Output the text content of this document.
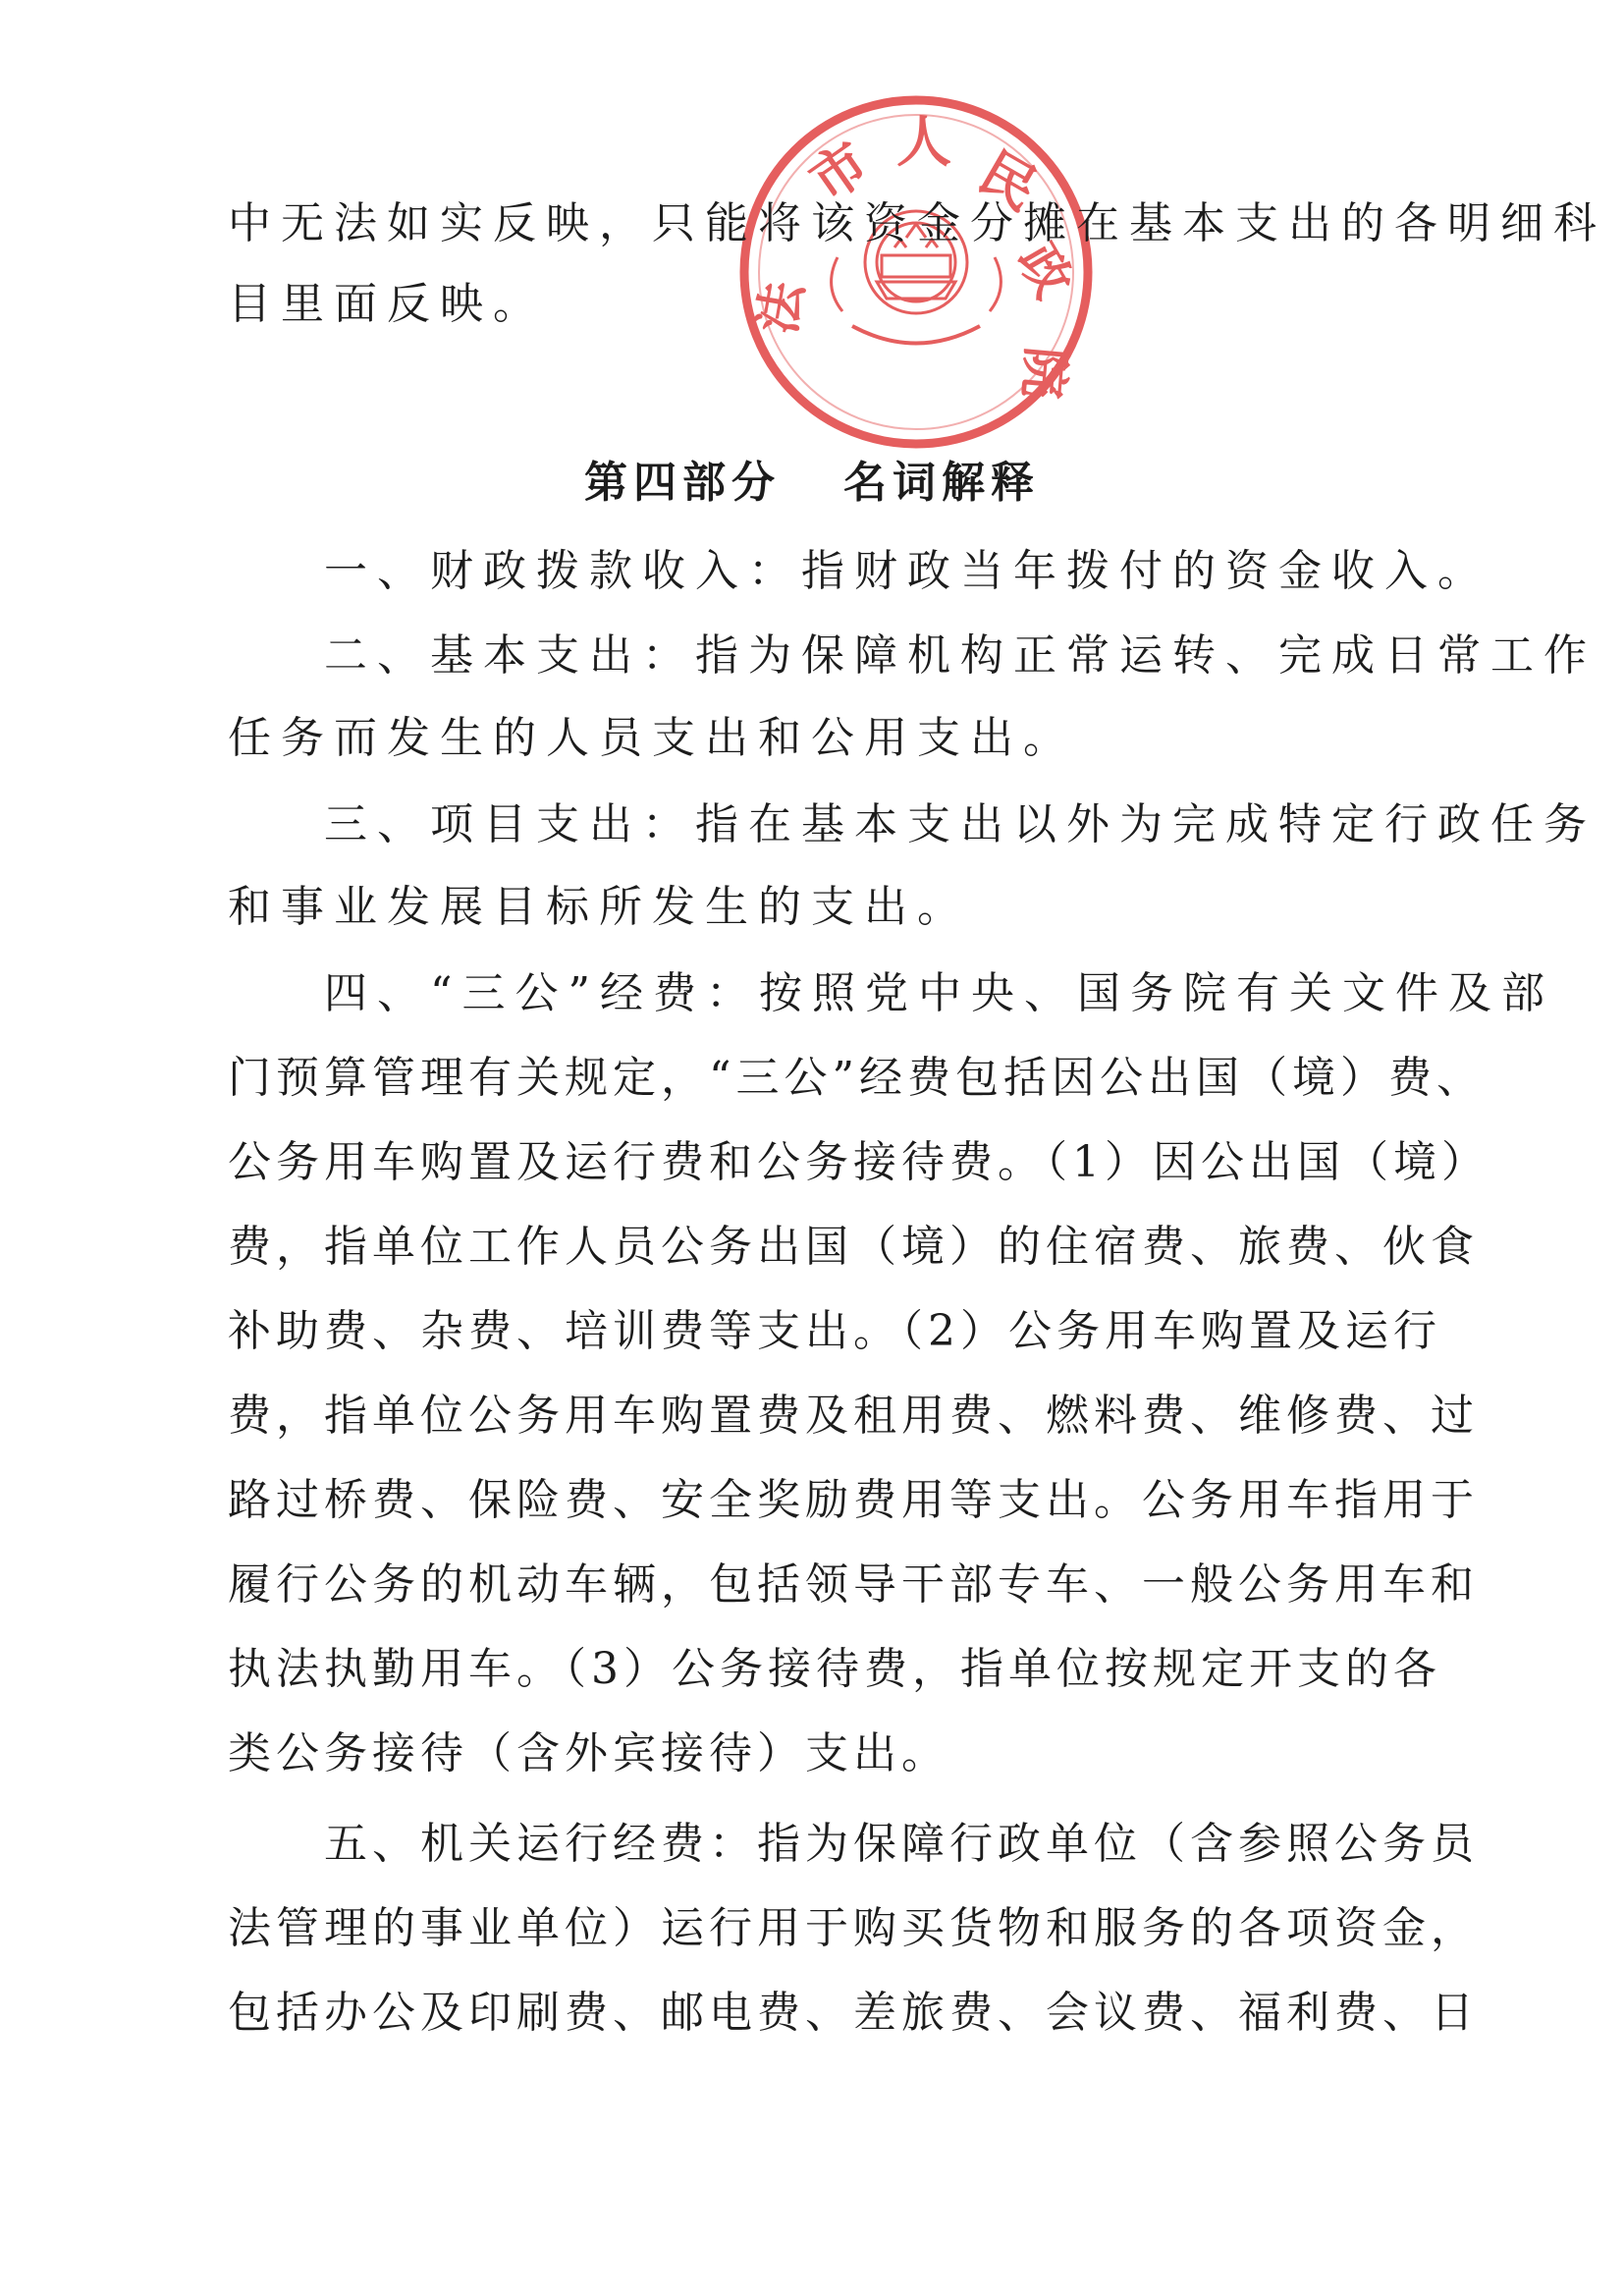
市 人 民
政
院
法
中无法如实反映，只能将该资金分摊在基本支出的各明细科
目里面反映。
第四部分 名词解释
一、财政拨款收入：指财政当年拨付的资金收入。
二、基本支出：指为保障机构正常运转、完成日常工作
任务而发生的人员支出和公用支出。
三、项目支出：指在基本支出以外为完成特定行政任务
和事业发展目标所发生的支出。
四、“三公”经费：按照党中央、国务院有关文件及部
门预算管理有关规定，“三公”经费包括因公出国（境）费、
公务用车购置及运行费和公务接待费。（1）因公出国（境）
费，指单位工作人员公务出国（境）的住宿费、旅费、伙食
补助费、杂费、培训费等支出。（2）公务用车购置及运行
费，指单位公务用车购置费及租用费、燃料费、维修费、过
路过桥费、保险费、安全奖励费用等支出。公务用车指用于
履行公务的机动车辆，包括领导干部专车、一般公务用车和
执法执勤用车。（3）公务接待费，指单位按规定开支的各
类公务接待（含外宾接待）支出。
五、机关运行经费：指为保障行政单位（含参照公务员
法管理的事业单位）运行用于购买货物和服务的各项资金，
包括办公及印刷费、邮电费、差旅费、会议费、福利费、日
